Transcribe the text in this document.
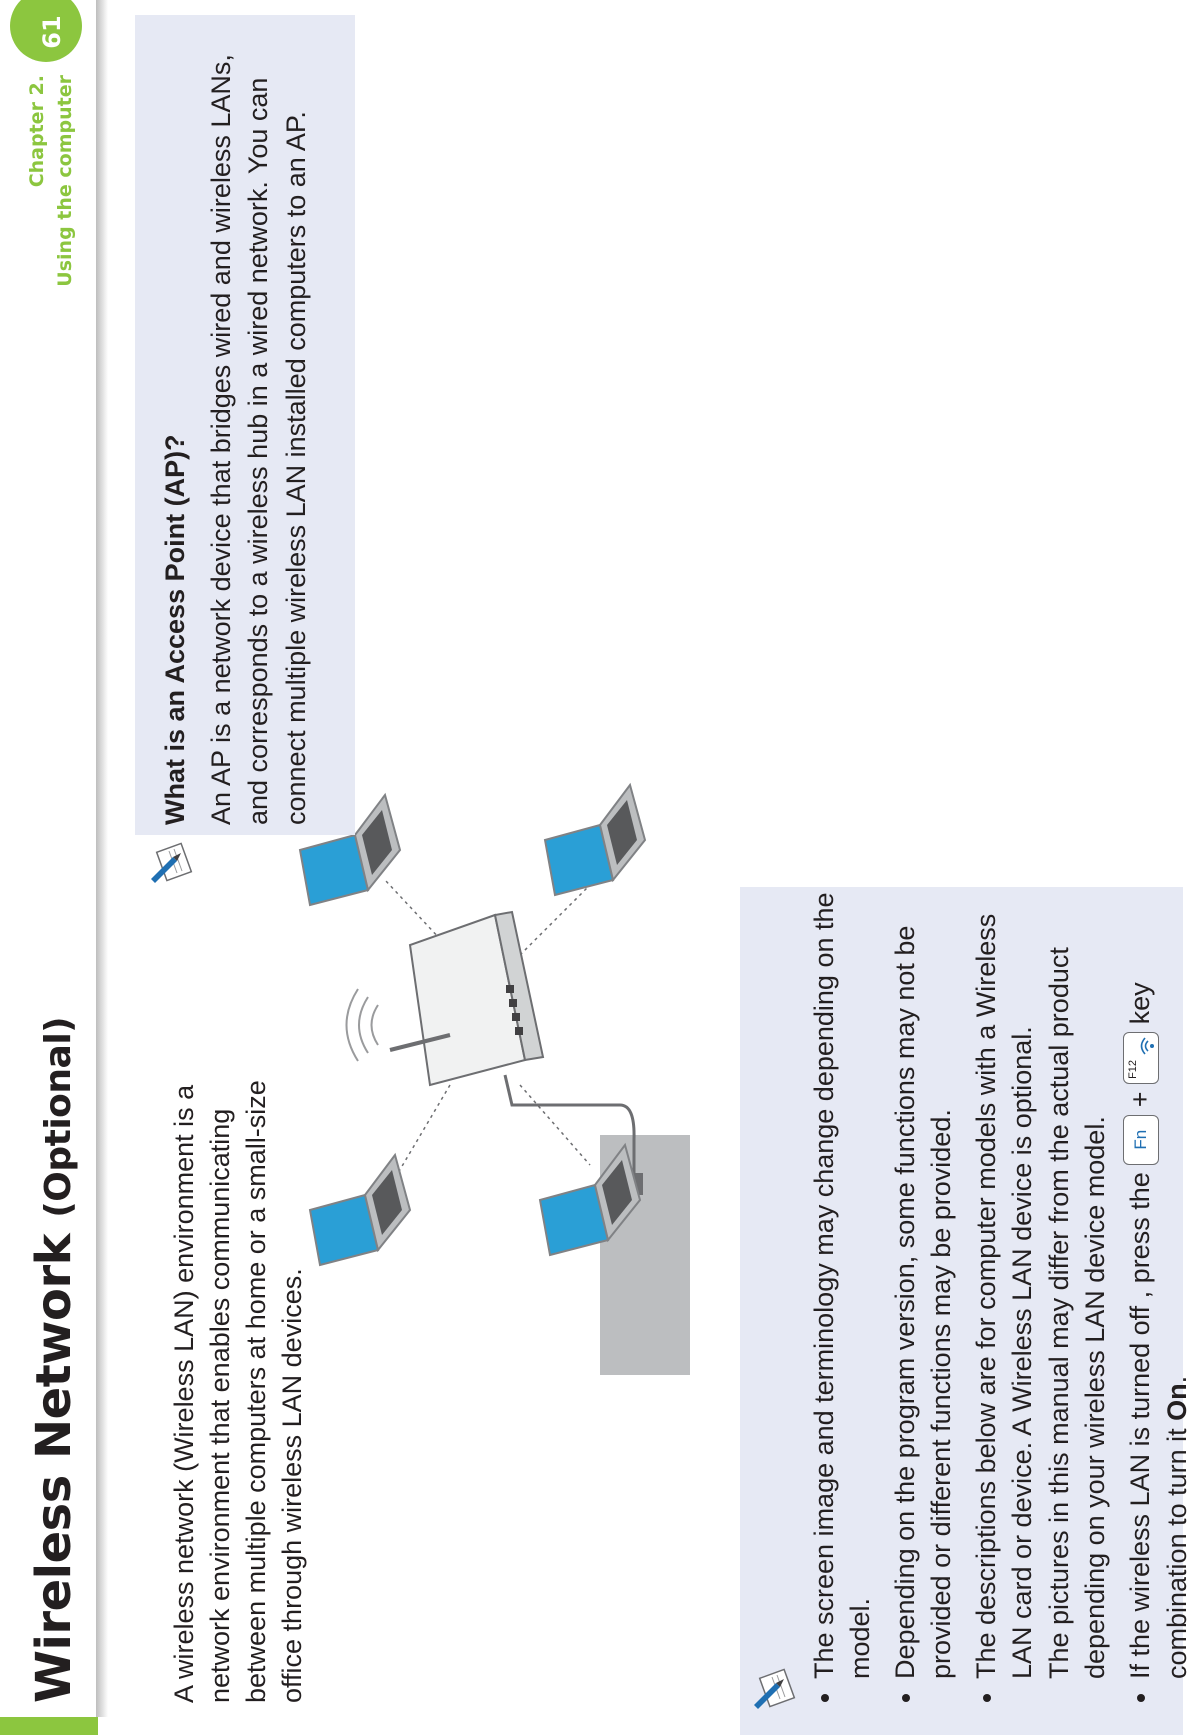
Wireless Network (Optional)
Chapter 2. Using the computer
61

A wireless network (Wireless LAN) environment is a network environment that enables communicating between multiple computers at home or a small-size office through wireless LAN devices.

What is an Access Point (AP)? An AP is a network device that bridges wired and wireless LANs, and corresponds to a wireless hub in a wired network. You can connect multiple wireless LAN installed computers to an AP.
• The screen image and terminology may change depending on the model. • Depending on the program version, some functions may not be provided or different functions may be provided. • The descriptions below are for computer models with a Wireless LAN card or device. A Wireless LAN device is optional. The pictures in this manual may differ from the actual product depending on your wireless LAN device model. • If the wireless LAN is turned off , press the Fn +
F12
key combination to turn it On.
